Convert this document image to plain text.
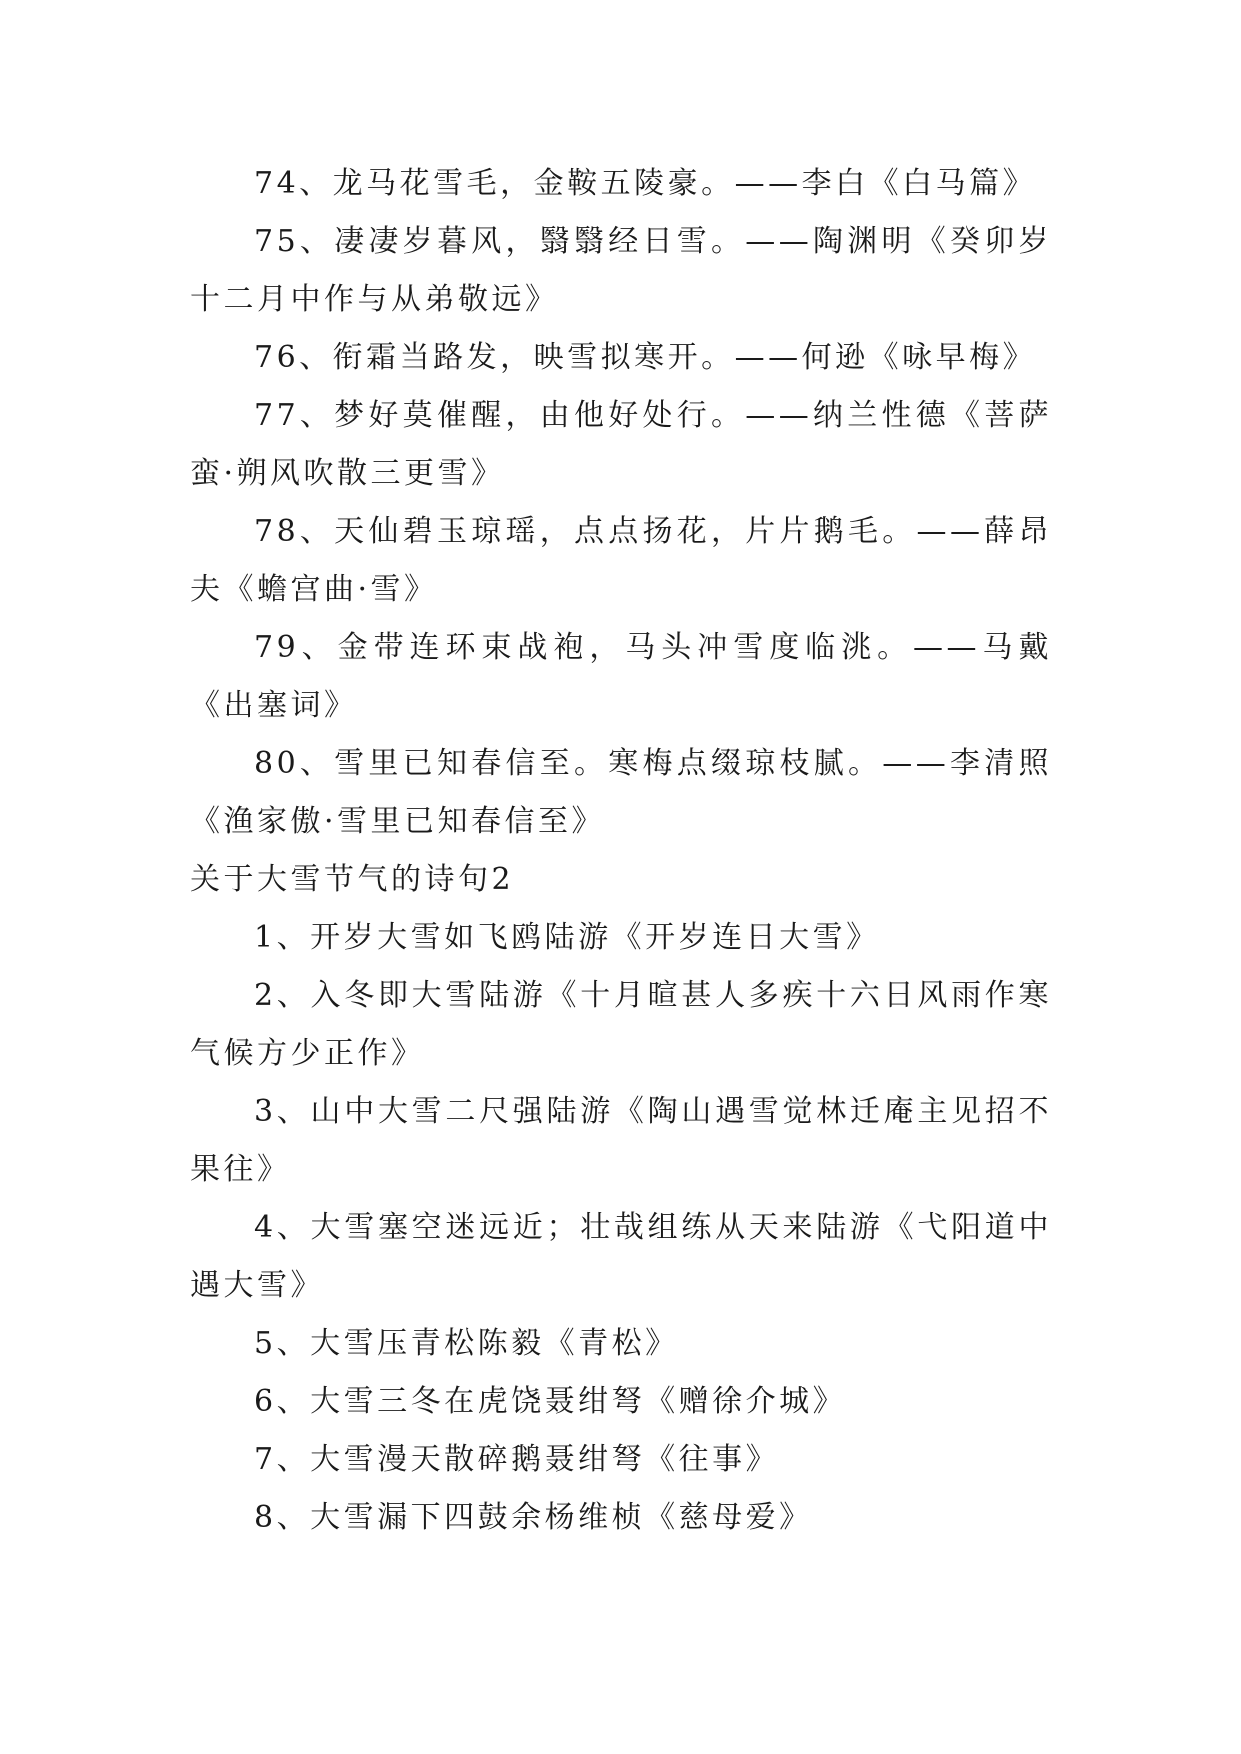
74、龙马花雪毛，金鞍五陵豪。——李白《白马篇》

75、凄凄岁暮风，翳翳经日雪。——陶渊明《癸卯岁十二月中作与从弟敬远》

76、衔霜当路发，映雪拟寒开。——何逊《咏早梅》

77、梦好莫催醒，由他好处行。——纳兰性德《菩萨蛮·朔风吹散三更雪》

78、天仙碧玉琼瑶，点点扬花，片片鹅毛。——薛昂夫《蟾宫曲·雪》

79、金带连环束战袍，马头冲雪度临洮。——马戴《出塞词》

80、雪里已知春信至。寒梅点缀琼枝腻。——李清照《渔家傲·雪里已知春信至》

关于大雪节气的诗句2

1、开岁大雪如飞鸥陆游《开岁连日大雪》

2、入冬即大雪陆游《十月暄甚人多疾十六日风雨作寒气候方少正作》

3、山中大雪二尺强陆游《陶山遇雪觉林迁庵主见招不果往》

4、大雪塞空迷远近；壮哉组练从天来陆游《弋阳道中遇大雪》

5、大雪压青松陈毅《青松》

6、大雪三冬在虎饶聂绀弩《赠徐介城》

7、大雪漫天散碎鹅聂绀弩《往事》

8、大雪漏下四鼓余杨维桢《慈母爱》
